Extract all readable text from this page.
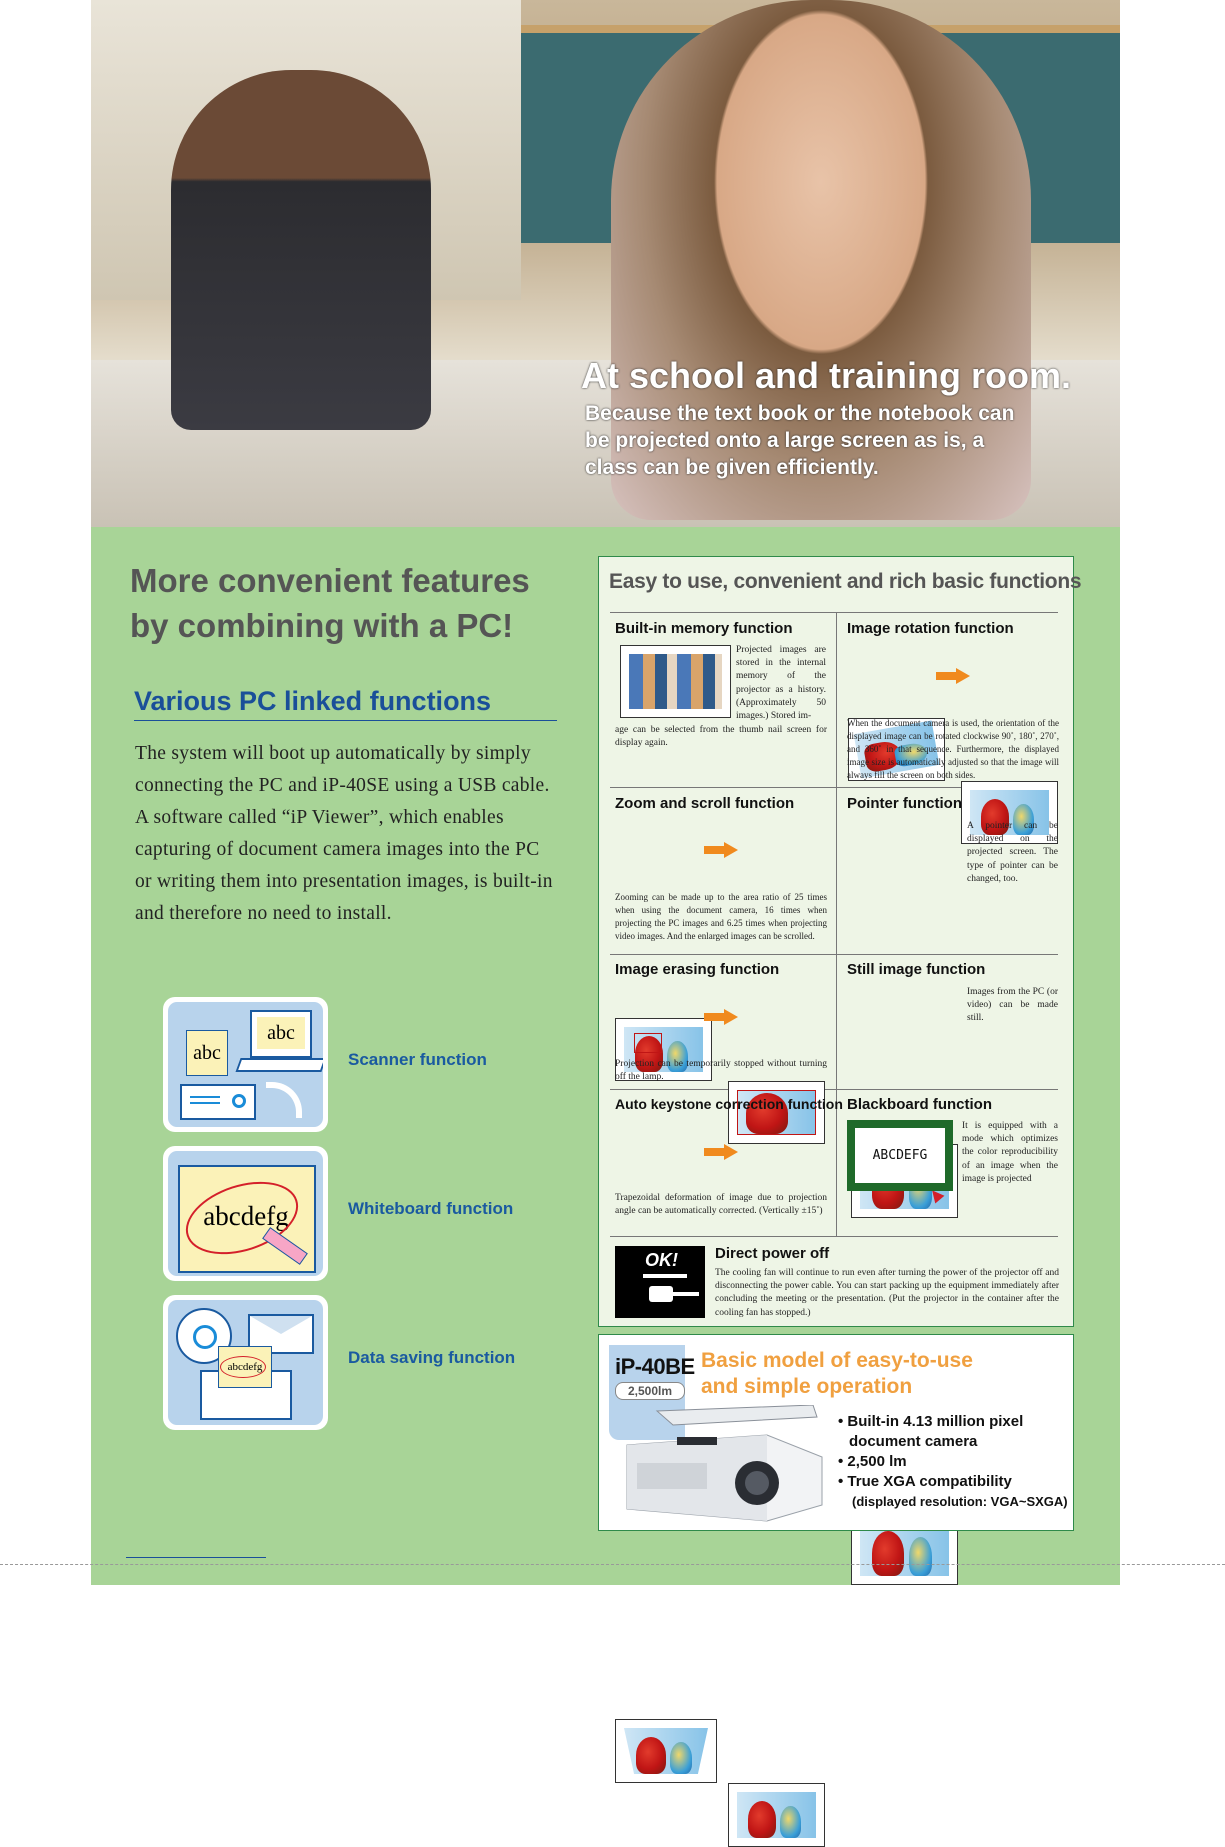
At school and training room.
Because the text book or the notebook can be projected onto a large screen as is, a class can be given efficiently.
More convenient features
by combining with a PC!
Various PC linked functions
The system will boot up automatically by simply connecting the PC and iP-40SE using a USB cable. A software called “iP Viewer”, which enables capturing of document camera images into the PC or writing them into presentation images, is built-in and therefore no need to install.
abc
abc
Scanner function
abcdefg	Whiteboard function
abcdefg	Data saving function
Easy to use, convenient and rich basic functions
Built-in memory function
Projected images are stored in the internal memory of the projector as a history. (Approximately 50 images.) Stored im-
age can be selected from the thumb nail screen for display again.
Image rotation function
When the document camera is used, the orientation of the displayed image can be rotated clockwise 90˚, 180˚, 270˚, and 360˚ in that sequence. Furthermore, the displayed image size is automatically adjusted so that the image will always fill the screen on both sides.
Zoom and scroll function
Zooming can be made up to the area ratio of 25 times when using the document camera, 16 times when projecting the PC images and 6.25 times when projecting video images. And the enlarged images can be scrolled.
Pointer function
A pointer can be displayed on the projected screen. The type of pointer can be changed, too.
Image erasing function
Projection can be temporarily stopped without turning off the lamp.
Still image function
Images from the PC (or video) can be made still.
Auto keystone correction function
Trapezoidal deformation of image due to projection angle can be automatically corrected. (Vertically ±15˚)
Blackboard function
ABCDEFG
It is equipped with a mode which optimizes the color reproducibility of an image when the image is projected
OK! Direct power off
The cooling fan will continue to run even after turning the power of the projector off and disconnecting the power cable. You can start packing up the equipment immediately after concluding the meeting or the presentation. (Put the projector in the container after the cooling fan has stopped.)
iP-40BE
2,500lm
Basic model of easy-to-use
and simple operation
• Built-in 4.13 million pixel
document camera
• 2,500 lm
• True XGA compatibility
(displayed resolution: VGA~SXGA)
